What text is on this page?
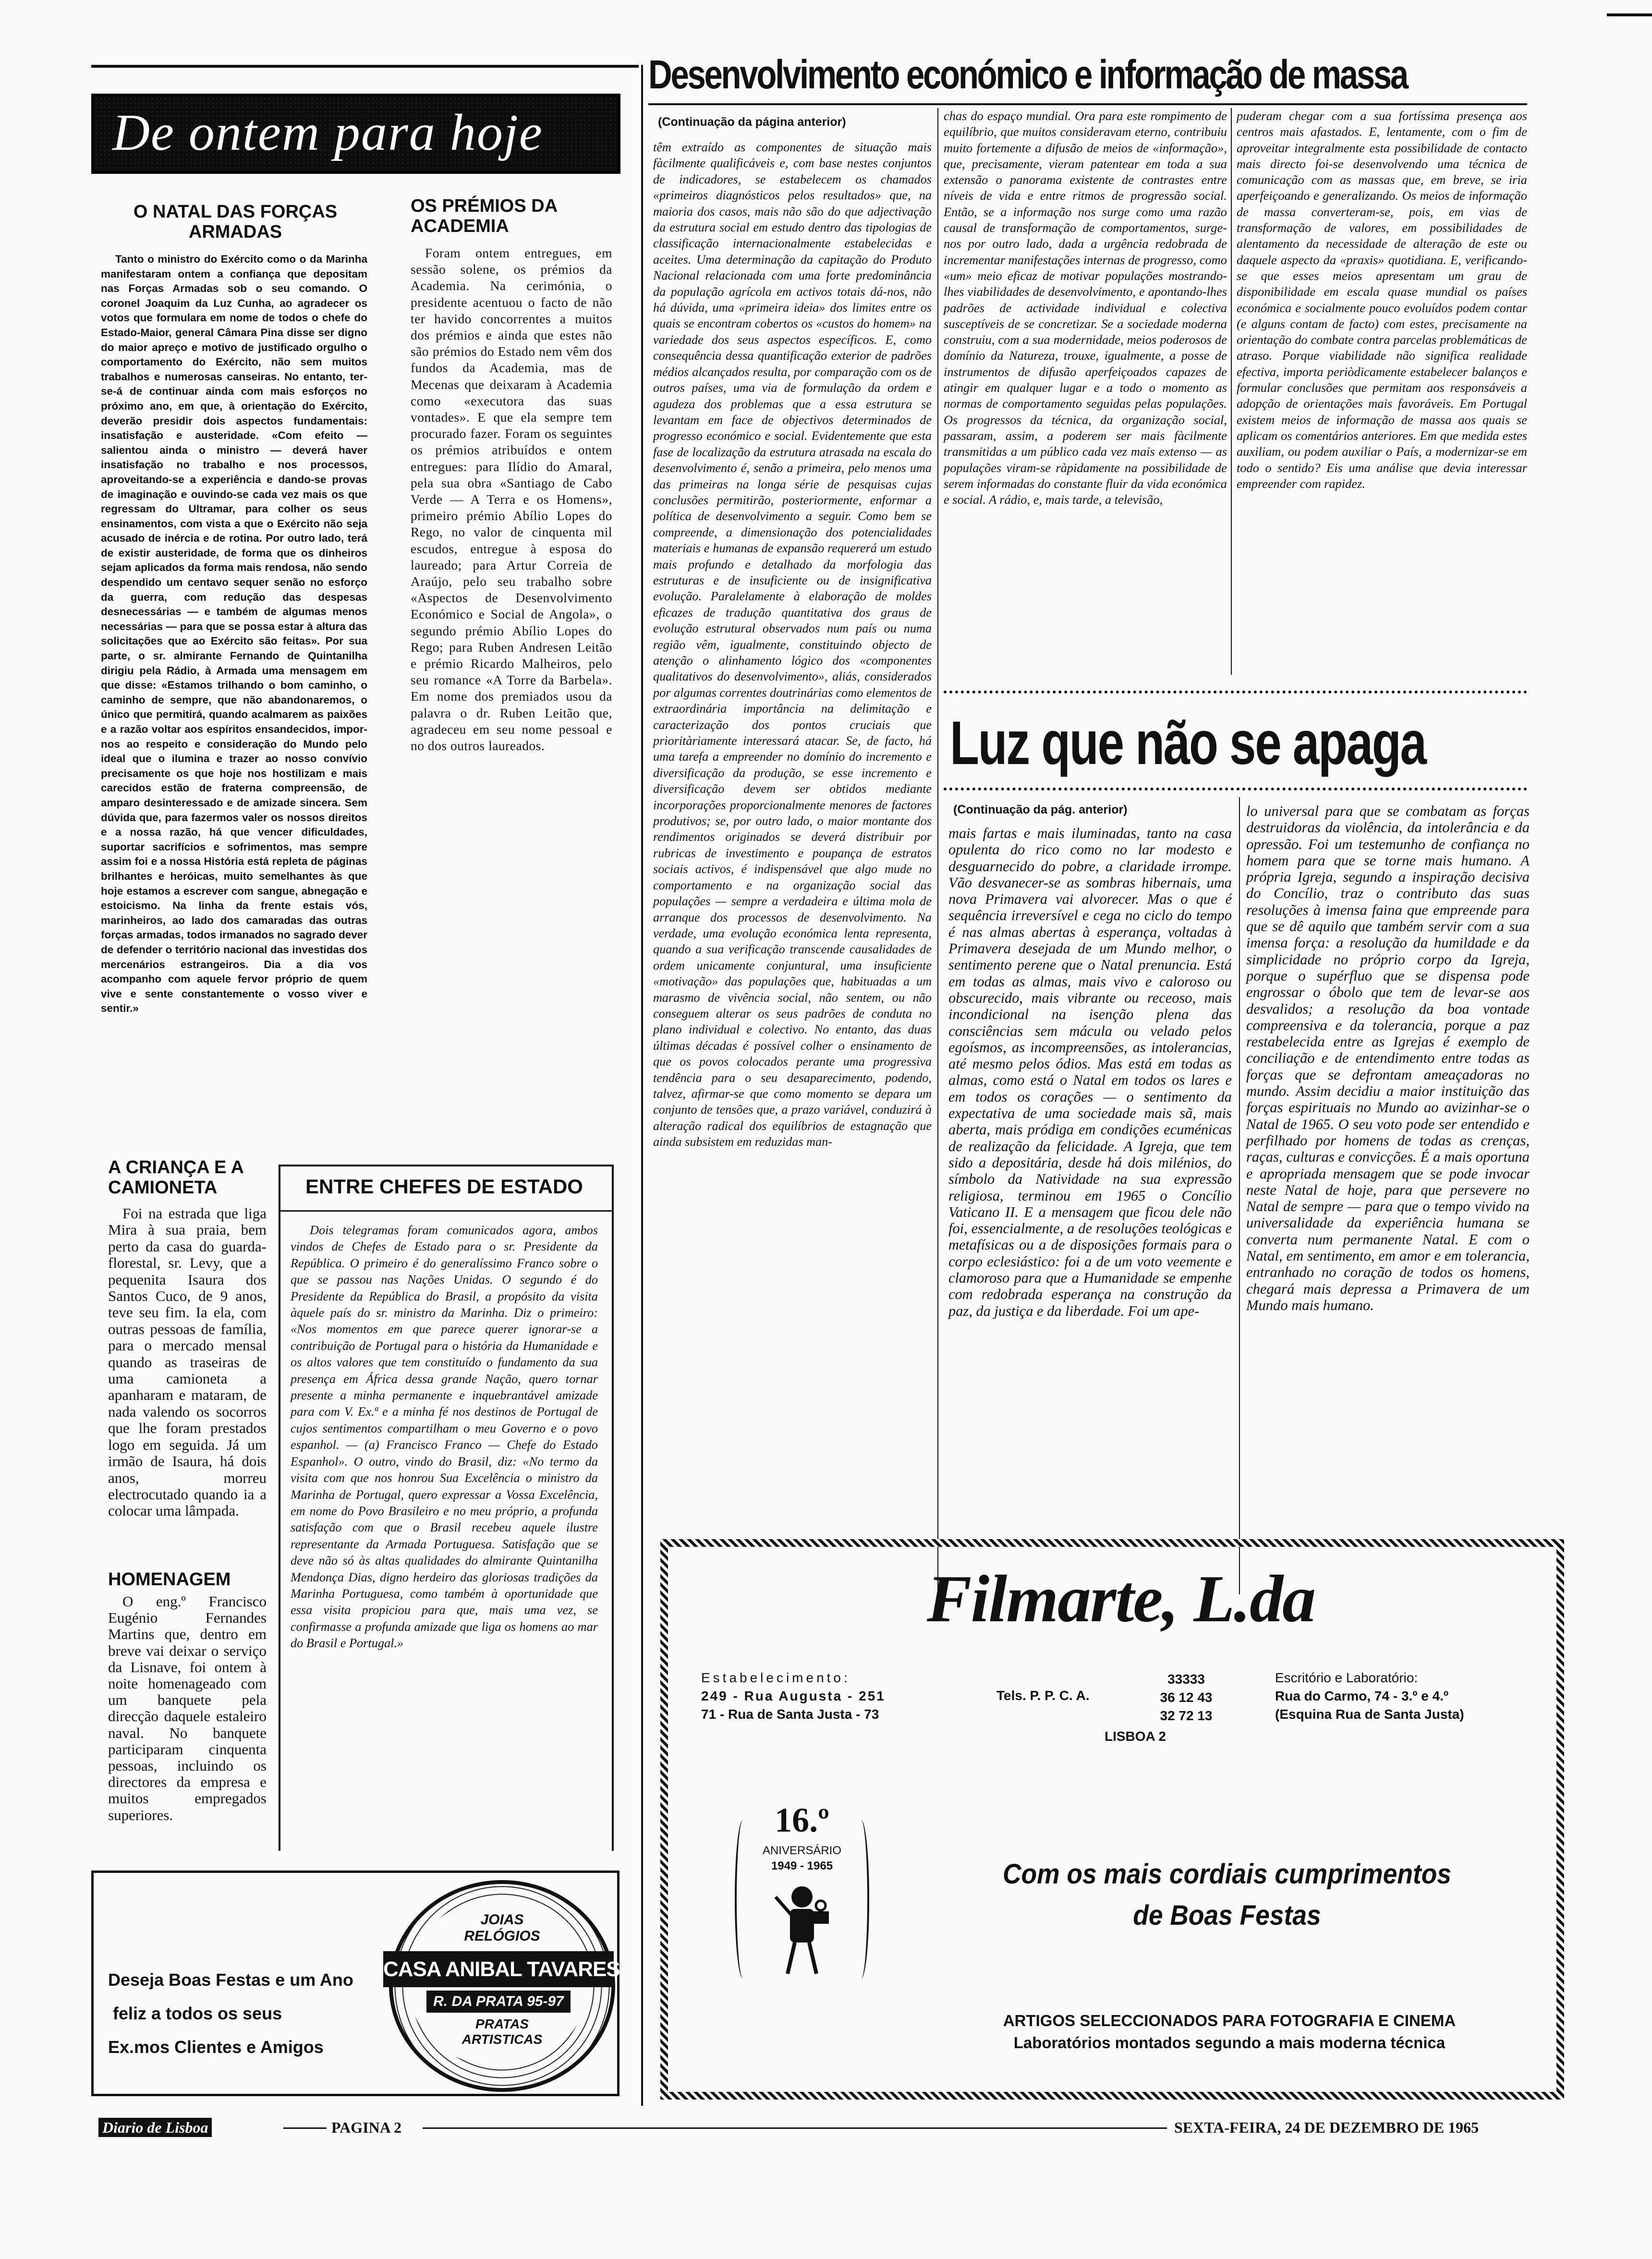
De ontem para hoje
O NATAL DAS FORÇAS ARMADAS
Tanto o ministro do Exército como o da Marinha manifestaram ontem a confiança que depositam nas Forças Armadas sob o seu comando. O coronel Joaquim da Luz Cunha, ao agradecer os votos que formulara em nome de todos o chefe do Estado-Maior, general Câmara Pina disse ser digno do maior apreço e motivo de justificado orgulho o comportamento do Exército, não sem muitos trabalhos e numerosas canseiras. No entanto, ter-se-á de continuar ainda com mais esforços no próximo ano, em que, à orientação do Exército, deverão presidir dois aspectos fundamentais: insatisfação e austeridade. «Com efeito — salientou ainda o ministro — deverá haver insatisfação no trabalho e nos processos, aproveitando-se a experiência e dando-se provas de imaginação e ouvindo-se cada vez mais os que regressam do Ultramar, para colher os seus ensinamentos, com vista a que o Exército não seja acusado de inércia e de rotina. Por outro lado, terá de existir austeridade, de forma que os dinheiros sejam aplicados da forma mais rendosa, não sendo despendido um centavo sequer senão no esforço da guerra, com redução das despesas desnecessárias — e também de algumas menos necessárias — para que se possa estar à altura das solicitações que ao Exército são feitas». Por sua parte, o sr. almirante Fernando de Quintanilha dirigiu pela Rádio, à Armada uma mensagem em que disse: «Estamos trilhando o bom caminho, o caminho de sempre, que não abandonaremos, o único que permitirá, quando acalmarem as paixões e a razão voltar aos espíritos ensandecidos, impor-nos ao respeito e consideração do Mundo pelo ideal que o ilumina e trazer ao nosso convívio precisamente os que hoje nos hostilizam e mais carecidos estão de fraterna compreensão, de amparo desinteressado e de amizade sincera. Sem dúvida que, para fazermos valer os nossos direitos e a nossa razão, há que vencer dificuldades, suportar sacrifícios e sofrimentos, mas sempre assim foi e a nossa História está repleta de páginas brilhantes e heróicas, muito semelhantes às que hoje estamos a escrever com sangue, abnegação e estoicismo. Na linha da frente estais vós, marinheiros, ao lado dos camaradas das outras forças armadas, todos irmanados no sagrado dever de defender o território nacional das investidas dos mercenários estrangeiros. Dia a dia vos acompanho com aquele fervor próprio de quem vive e sente constantemente o vosso viver e sentir.»
OS PRÉMIOS DA ACADEMIA
Foram ontem entregues, em sessão solene, os prémios da Academia. Na cerimónia, o presidente acentuou o facto de não ter havido concorrentes a muitos dos prémios e ainda que estes não são prémios do Estado nem vêm dos fundos da Academia, mas de Mecenas que deixaram à Academia como «executora das suas vontades». E que ela sempre tem procurado fazer. Foram os seguintes os prémios atribuídos e ontem entregues: para Ilídio do Amaral, pela sua obra «Santiago de Cabo Verde — A Terra e os Homens», primeiro prémio Abílio Lopes do Rego, no valor de cinquenta mil escudos, entregue à esposa do laureado; para Artur Correia de Araújo, pelo seu trabalho sobre «Aspectos de Desenvolvimento Económico e Social de Angola», o segundo prémio Abílio Lopes do Rego; para Ruben Andresen Leitão e prémio Ricardo Malheiros, pelo seu romance «A Torre da Barbela». Em nome dos premiados usou da palavra o dr. Ruben Leitão que, agradeceu em seu nome pessoal e no dos outros laureados.
A CRIANÇA E A CAMIONETA
Foi na estrada que liga Mira à sua praia, bem perto da casa do guarda-florestal, sr. Levy, que a pequenita Isaura dos Santos Cuco, de 9 anos, teve seu fim. Ia ela, com outras pessoas de família, para o mercado mensal quando as traseiras de uma camioneta a apanharam e mataram, de nada valendo os socorros que lhe foram prestados logo em seguida. Já um irmão de Isaura, há dois anos, morreu electrocutado quando ia a colocar uma lâmpada.
HOMENAGEM
O eng.º Francisco Eugénio Fernandes Martins que, dentro em breve vai deixar o serviço da Lisnave, foi ontem à noite homenageado com um banquete pela direcção daquele estaleiro naval. No banquete participaram cinquenta pessoas, incluindo os directores da empresa e muitos empregados superiores.
ENTRE CHEFES DE ESTADO
Dois telegramas foram comunicados agora, ambos vindos de Chefes de Estado para o sr. Presidente da República. O primeiro é do generalíssimo Franco sobre o que se passou nas Nações Unidas. O segundo é do Presidente da República do Brasil, a propósito da visita àquele país do sr. ministro da Marinha. Diz o primeiro: «Nos momentos em que parece querer ignorar-se a contribuição de Portugal para o história da Humanidade e os altos valores que tem constituído o fundamento da sua presença em África dessa grande Nação, quero tornar presente a minha permanente e inquebrantável amizade para com V. Ex.ª e a minha fé nos destinos de Portugal de cujos sentimentos compartilham o meu Governo e o povo espanhol. — (a) Francisco Franco — Chefe do Estado Espanhol». O outro, vindo do Brasil, diz: «No termo da visita com que nos honrou Sua Excelência o ministro da Marinha de Portugal, quero expressar a Vossa Excelência, em nome do Povo Brasileiro e no meu próprio, a profunda satisfação com que o Brasil recebeu aquele ilustre representante da Armada Portuguesa. Satisfação que se deve não só às altas qualidades do almirante Quintanilha Mendonça Dias, digno herdeiro das gloriosas tradições da Marinha Portuguesa, como também à oportunidade que essa visita propiciou para que, mais uma vez, se confirmasse a profunda amizade que liga os homens ao mar do Brasil e Portugal.»
Deseja Boas Festas e um Ano
feliz a todos os seus
Ex.mos Clientes e Amigos
JOIAS
RELÓGIOS
CASA ANIBAL TAVARES
R. DA PRATA 95-97
PRATAS
ARTISTICAS
Desenvolvimento económico e informação de massa
(Continuação da página anterior)
têm extraído as componentes de situação mais fàcilmente qualificáveis e, com base nestes conjuntos de indicadores, se estabelecem os chamados «primeiros diagnósticos pelos resultados» que, na maioria dos casos, mais não são do que adjectivação da estrutura social em estudo dentro das tipologias de classificação internacionalmente estabelecidas e aceites. Uma determinação da capitação do Produto Nacional relacionada com uma forte predominância da população agrícola em activos totais dá-nos, não há dúvida, uma «primeira ideia» dos limites entre os quais se encontram cobertos os «custos do homem» na variedade dos seus aspectos específicos. E, como consequência dessa quantificação exterior de padrões médios alcançados resulta, por comparação com os de outros países, uma via de formulação da ordem e agudeza dos problemas que a essa estrutura se levantam em face de objectivos determinados de progresso económico e social. Evidentemente que esta fase de localização da estrutura atrasada na escala do desenvolvimento é, senão a primeira, pelo menos uma das primeiras na longa série de pesquisas cujas conclusões permitirão, posteriormente, enformar a política de desenvolvimento a seguir. Como bem se compreende, a dimensionação dos potencialidades materiais e humanas de expansão requererá um estudo mais profundo e detalhado da morfologia das estruturas e de insuficiente ou de insignificativa evolução. Paralelamente à elaboração de moldes eficazes de tradução quantitativa dos graus de evolução estrutural observados num país ou numa região vêm, igualmente, constituindo objecto de atenção o alinhamento lógico dos «componentes qualitativos do desenvolvimento», aliás, considerados por algumas correntes doutrinárias como elementos de extraordinária importância na delimitação e caracterização dos pontos cruciais que prioritàriamente interessará atacar. Se, de facto, há uma tarefa a empreender no domínio do incremento e diversificação da produção, se esse incremento e diversificação devem ser obtidos mediante incorporações proporcionalmente menores de factores produtivos; se, por outro lado, o maior montante dos rendimentos originados se deverá distribuir por rubricas de investimento e poupança de estratos sociais activos, é indispensável que algo mude no comportamento e na organização social das populações — sempre a verdadeira e última mola de arranque dos processos de desenvolvimento. Na verdade, uma evolução económica lenta representa, quando a sua verificação transcende causalidades de ordem unicamente conjuntural, uma insuficiente «motivação» das populações que, habituadas a um marasmo de vivência social, não sentem, ou não conseguem alterar os seus padrões de conduta no plano individual e colectivo. No entanto, das duas últimas décadas é possível colher o ensinamento de que os povos colocados perante uma progressiva tendência para o seu desaparecimento, podendo, talvez, afirmar-se que como momento se depara um conjunto de tensões que, a prazo variável, conduzirá à alteração radical dos equilíbrios de estagnação que ainda subsistem em reduzidas man-
chas do espaço mundial. Ora para este rompimento de equilíbrio, que muitos consideravam eterno, contribuiu muito fortemente a difusão de meios de «informação», que, precisamente, vieram patentear em toda a sua extensão o panorama existente de contrastes entre níveis de vida e entre ritmos de progressão social. Então, se a informação nos surge como uma razão causal de transformação de comportamentos, surge-nos por outro lado, dada a urgência redobrada de incrementar manifestações internas de progresso, como «um» meio eficaz de motivar populações mostrando-lhes viabilidades de desenvolvimento, e apontando-lhes padrões de actividade individual e colectiva susceptíveis de se concretizar. Se a sociedade moderna construiu, com a sua modernidade, meios poderosos de domínio da Natureza, trouxe, igualmente, a posse de instrumentos de difusão aperfeiçoados capazes de atingir em qualquer lugar e a todo o momento as normas de comportamento seguidas pelas populações. Os progressos da técnica, da organização social, passaram, assim, a poderem ser mais fàcilmente transmitidas a um público cada vez mais extenso — as populações viram-se ràpidamente na possibilidade de serem informadas do constante fluir da vida económica e social. A rádio, e, mais tarde, a televisão,
puderam chegar com a sua fortíssima presença aos centros mais afastados. E, lentamente, com o fim de aproveitar integralmente esta possibilidade de contacto mais directo foi-se desenvolvendo uma técnica de comunicação com as massas que, em breve, se iria aperfeiçoando e generalizando. Os meios de informação de massa converteram-se, pois, em vias de transformação de valores, em possibilidades de alentamento da necessidade de alteração de este ou daquele aspecto da «praxis» quotidiana. E, verificando-se que esses meios apresentam um grau de disponibilidade em escala quase mundial os países económica e socialmente pouco evoluídos podem contar (e alguns contam de facto) com estes, precisamente na orientação do combate contra parcelas problemáticas de atraso. Porque viabilidade não significa realidade efectiva, importa periòdicamente estabelecer balanços e formular conclusões que permitam aos responsáveis a adopção de orientações mais favoráveis. Em Portugal existem meios de informação de massa aos quais se aplicam os comentários anteriores. Em que medida estes auxiliam, ou podem auxiliar o País, a modernizar-se em todo o sentido? Eis uma análise que devia interessar empreender com rapidez.
Luz que não se apaga
(Continuação da pág. anterior)
mais fartas e mais iluminadas, tanto na casa opulenta do rico como no lar modesto e desguarnecido do pobre, a claridade irrompe. Vão desvanecer-se as sombras hibernais, uma nova Primavera vai alvorecer. Mas o que é sequência irreversível e cega no ciclo do tempo é nas almas abertas à esperança, voltadas à Primavera desejada de um Mundo melhor, o sentimento perene que o Natal prenuncia. Está em todas as almas, mais vivo e caloroso ou obscurecido, mais vibrante ou receoso, mais incondicional na isenção plena das consciências sem mácula ou velado pelos egoísmos, as incompreensões, as intolerancias, até mesmo pelos ódios. Mas está em todas as almas, como está o Natal em todos os lares e em todos os corações — o sentimento da expectativa de uma sociedade mais sã, mais aberta, mais pródiga em condições ecuménicas de realização da felicidade. A Igreja, que tem sido a depositária, desde há dois milénios, do símbolo da Natividade na sua expressão religiosa, terminou em 1965 o Concílio Vaticano II. E a mensagem que ficou dele não foi, essencialmente, a de resoluções teológicas e metafísicas ou a de disposições formais para o corpo eclesiástico: foi a de um voto veemente e clamoroso para que a Humanidade se empenhe com redobrada esperança na construção da paz, da justiça e da liberdade. Foi um ape-
lo universal para que se combatam as forças destruidoras da violência, da intolerância e da opressão. Foi um testemunho de confiança no homem para que se torne mais humano. A própria Igreja, segundo a inspiração decisiva do Concílio, traz o contributo das suas resoluções à imensa faina que empreende para que se dê aquilo que também servir com a sua imensa força: a resolução da humildade e da simplicidade no próprio corpo da Igreja, porque o supérfluo que se dispensa pode engrossar o óbolo que tem de levar-se aos desvalidos; a resolução da boa vontade compreensiva e da tolerancia, porque a paz restabelecida entre as Igrejas é exemplo de conciliação e de entendimento entre todas as forças que se defrontam ameaçadoras no mundo. Assim decidiu a maior instituição das forças espirituais no Mundo ao avizinhar-se o Natal de 1965. O seu voto pode ser entendido e perfilhado por homens de todas as crenças, raças, culturas e convicções. É a mais oportuna e apropriada mensagem que se pode invocar neste Natal de hoje, para que persevere no Natal de sempre — para que o tempo vivido na universalidade da experiência humana se converta num permanente Natal. E com o Natal, em sentimento, em amor e em tolerancia, entranhado no coração de todos os homens, chegará mais depressa a Primavera de um Mundo mais humano.
Filmarte, L.da
Estabelecimento:
249 - Rua Augusta - 251
71 - Rua de Santa Justa - 73
Tels. P. P. C. A.
33333
36 12 43
32 72 13
LISBOA 2
Escritório e Laboratório:
Rua do Carmo, 74 - 3.º e 4.º
(Esquina Rua de Santa Justa)
16.º
ANIVERSÁRIO
1949 - 1965	Com os mais cordiais cumprimentos
de Boas Festas
ARTIGOS SELECCIONADOS PARA FOTOGRAFIA E CINEMA
Laboratórios montados segundo a mais moderna técnica
Diario de Lisboa	PAGINA 2	SEXTA-FEIRA, 24 DE DEZEMBRO DE 1965
